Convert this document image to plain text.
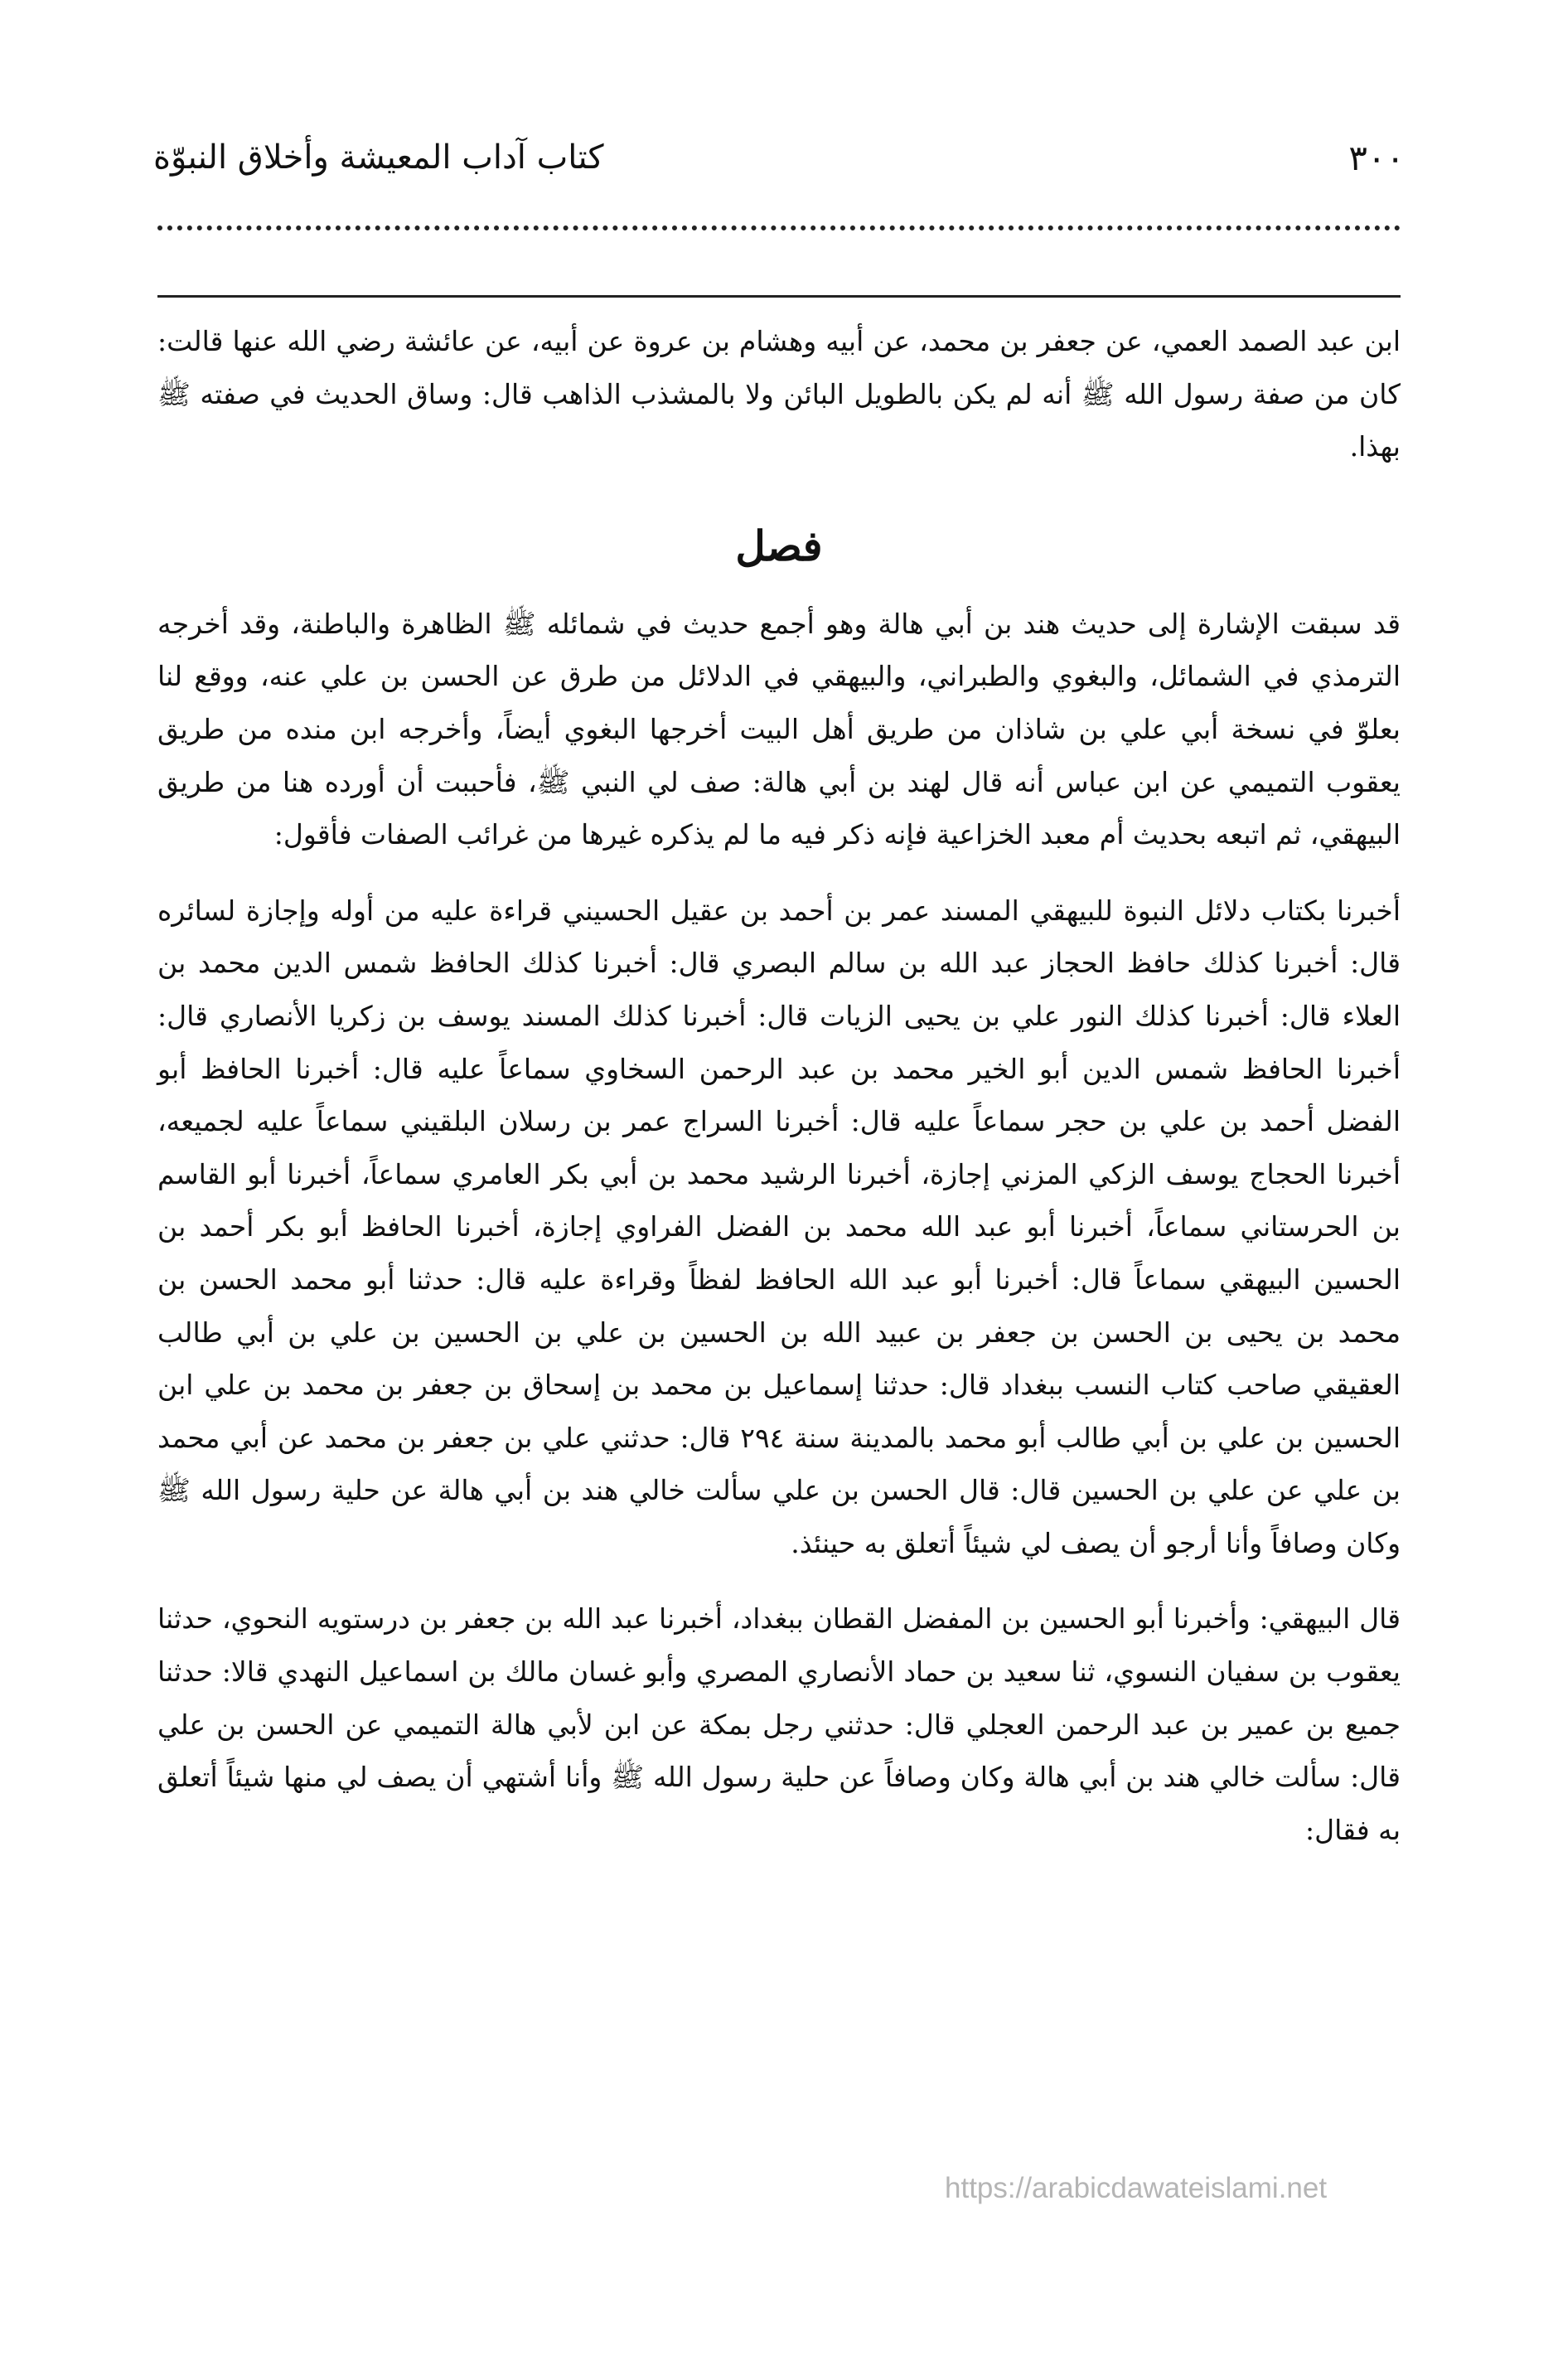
٣٠٠
كتاب آداب المعيشة وأخلاق النبوّة

ابن عبد الصمد العمي، عن جعفر بن محمد، عن أبيه وهشام بن عروة عن أبيه، عن عائشة رضي الله عنها قالت: كان من صفة رسول الله ﷺ أنه لم يكن بالطويل البائن ولا بالمشذب الذاهب قال: وساق الحديث في صفته ﷺ بهذا.

فصل

قد سبقت الإشارة إلى حديث هند بن أبي هالة وهو أجمع حديث في شمائله ﷺ الظاهرة والباطنة، وقد أخرجه الترمذي في الشمائل، والبغوي والطبراني، والبيهقي في الدلائل من طرق عن الحسن بن علي عنه، ووقع لنا بعلوّ في نسخة أبي علي بن شاذان من طريق أهل البيت أخرجها البغوي أيضاً، وأخرجه ابن منده من طريق يعقوب التميمي عن ابن عباس أنه قال لهند بن أبي هالة: صف لي النبي ﷺ، فأحببت أن أورده هنا من طريق البيهقي، ثم اتبعه بحديث أم معبد الخزاعية فإنه ذكر فيه ما لم يذكره غيرها من غرائب الصفات فأقول:

أخبرنا بكتاب دلائل النبوة للبيهقي المسند عمر بن أحمد بن عقيل الحسيني قراءة عليه من أوله وإجازة لسائره قال: أخبرنا كذلك حافظ الحجاز عبد الله بن سالم البصري قال: أخبرنا كذلك الحافظ شمس الدين محمد بن العلاء قال: أخبرنا كذلك النور علي بن يحيى الزيات قال: أخبرنا كذلك المسند يوسف بن زكريا الأنصاري قال: أخبرنا الحافظ شمس الدين أبو الخير محمد بن عبد الرحمن السخاوي سماعاً عليه قال: أخبرنا الحافظ أبو الفضل أحمد بن علي بن حجر سماعاً عليه قال: أخبرنا السراج عمر بن رسلان البلقيني سماعاً عليه لجميعه، أخبرنا الحجاج يوسف الزكي المزني إجازة، أخبرنا الرشيد محمد بن أبي بكر العامري سماعاً، أخبرنا أبو القاسم بن الحرستاني سماعاً، أخبرنا أبو عبد الله محمد بن الفضل الفراوي إجازة، أخبرنا الحافظ أبو بكر أحمد بن الحسين البيهقي سماعاً قال: أخبرنا أبو عبد الله الحافظ لفظاً وقراءة عليه قال: حدثنا أبو محمد الحسن بن محمد بن يحيى بن الحسن بن جعفر بن عبيد الله بن الحسين بن علي بن الحسين بن علي بن أبي طالب العقيقي صاحب كتاب النسب ببغداد قال: حدثنا إسماعيل بن محمد بن إسحاق بن جعفر بن محمد بن علي ابن الحسين بن علي بن أبي طالب أبو محمد بالمدينة سنة ٢٩٤ قال: حدثني علي بن جعفر بن محمد عن أبي محمد بن علي عن علي بن الحسين قال: قال الحسن بن علي سألت خالي هند بن أبي هالة عن حلية رسول الله ﷺ وكان وصافاً وأنا أرجو أن يصف لي شيئاً أتعلق به حينئذ.

قال البيهقي: وأخبرنا أبو الحسين بن المفضل القطان ببغداد، أخبرنا عبد الله بن جعفر بن درستويه النحوي، حدثنا يعقوب بن سفيان النسوي، ثنا سعيد بن حماد الأنصاري المصري وأبو غسان مالك بن اسماعيل النهدي قالا: حدثنا جميع بن عمير بن عبد الرحمن العجلي قال: حدثني رجل بمكة عن ابن لأبي هالة التميمي عن الحسن بن علي قال: سألت خالي هند بن أبي هالة وكان وصافاً عن حلية رسول الله ﷺ وأنا أشتهي أن يصف لي منها شيئاً أتعلق به فقال:

https://arabicdawateislami.net
